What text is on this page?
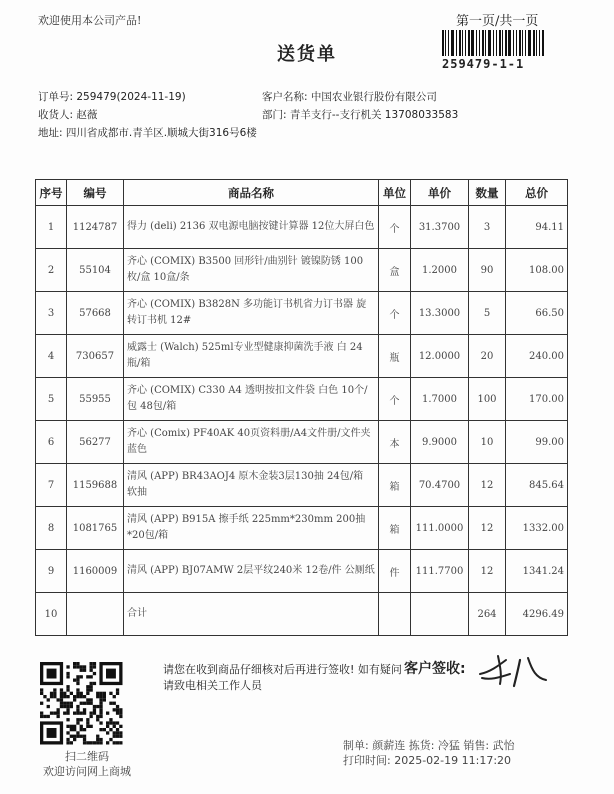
欢迎使用本公司产品!	第一页/共一页
送货单	259479-1-1
订单号: 259479(2024-11-19)	客户名称: 中国农业银行股份有限公司
收货人: 赵薇	部门: 青羊支行--支行机关 13708033583
地址: 四川省成都市.青羊区.顺城大街316号6楼
序号	编号	商品名称	单位	单价	数量	总价
1	1124787	得力 (deli) 2136 双电源电脑按键计算器 12位大屏白色	个	31.3700	3	94.11
2	55104	齐心 (COMIX) B3500 回形针/曲别针 镀镍防锈 100枚/盒 10盒/条	盒	1.2000	90	108.00
3	57668	齐心 (COMIX) B3828N 多功能订书机省力订书器 旋转订书机 12#	个	13.3000	5	66.50
4	730657	威露士 (Walch) 525ml专业型健康抑菌洗手液 白 24瓶/箱	瓶	12.0000	20	240.00
5	55955	齐心 (COMIX) C330 A4 透明按扣文件袋 白色 10个/包 48包/箱	个	1.7000	100	170.00
6	56277	齐心 (Comix) PF40AK 40页资料册/A4文件册/文件夹 蓝色	本	9.9000	10	99.00
7	1159688	清风 (APP) BR43AOJ4 原木金装3层130抽 24包/箱 软抽	箱	70.4700	12	845.64
8	1081765	清风 (APP) B915A 擦手纸 225mm*230mm 200抽*20包/箱	箱	111.0000	12	1332.00
9	1160009	清风 (APP) BJ07AMW 2层平纹240米 12卷/件 公厕纸	件	111.7700	12	1341.24
10		合计			264	4296.49
请您在收到商品仔细核对后再进行签收! 如有疑问请致电相关工作人员
客户签收:
扫二维码
欢迎访问网上商城
制单: 颜薪连 拣货: 冷猛 销售: 武怡
打印时间: 2025-02-19 11:17:20
